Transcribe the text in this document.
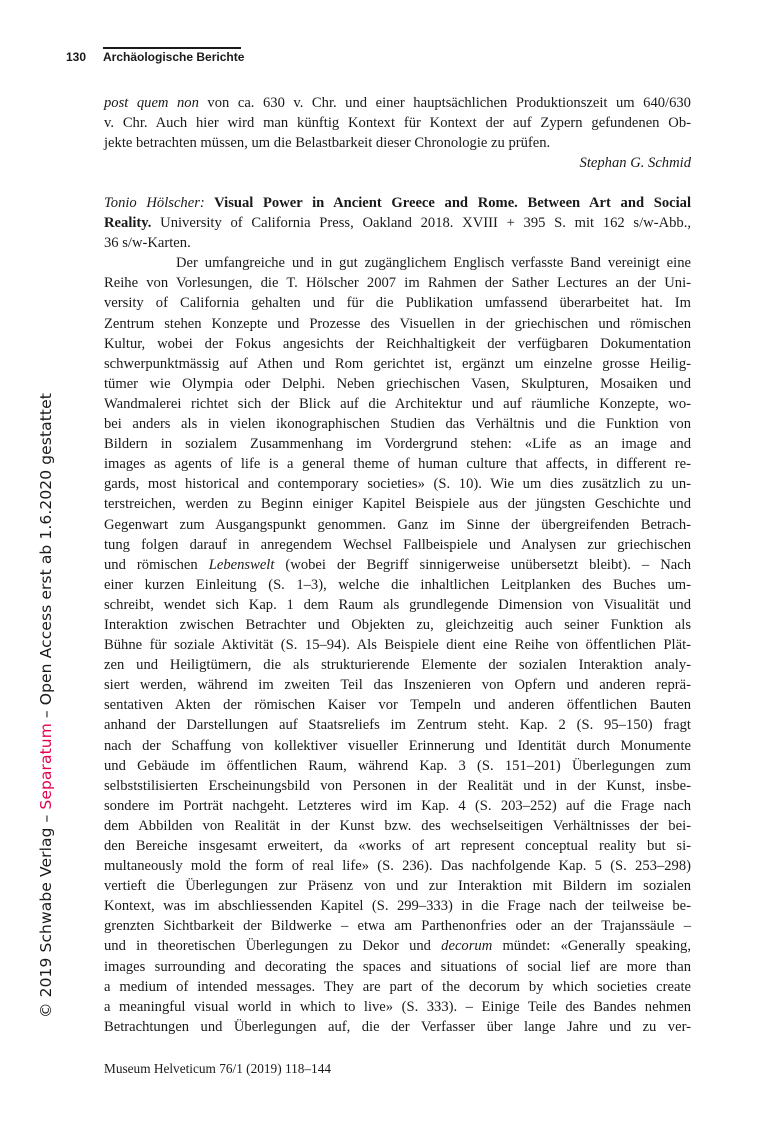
130 Archäologische Berichte
post quem non von ca. 630 v. Chr. und einer hauptsächlichen Produktionszeit um 640/630
v. Chr. Auch hier wird man künftig Kontext für Kontext der auf Zypern gefundenen Ob-
jekte betrachten müssen, um die Belastbarkeit dieser Chronologie zu prüfen.
Stephan G. Schmid
Tonio Hölscher: Visual Power in Ancient Greece and Rome. Between Art and Social
Reality. University of California Press, Oakland 2018. XVIII + 395 S. mit 162 s/w-Abb.,
36 s/w-Karten.
Der umfangreiche und in gut zugänglichem Englisch verfasste Band vereinigt eine
Reihe von Vorlesungen, die T. Hölscher 2007 im Rahmen der Sather Lectures an der Uni-
versity of California gehalten und für die Publikation umfassend überarbeitet hat. Im
Zentrum stehen Konzepte und Prozesse des Visuellen in der griechischen und römischen
Kultur, wobei der Fokus angesichts der Reichhaltigkeit der verfügbaren Dokumentation
schwerpunktmässig auf Athen und Rom gerichtet ist, ergänzt um einzelne grosse Heilig-
tümer wie Olympia oder Delphi. Neben griechischen Vasen, Skulpturen, Mosaiken und
Wandmalerei richtet sich der Blick auf die Architektur und auf räumliche Konzepte, wo-
bei anders als in vielen ikonographischen Studien das Verhältnis und die Funktion von
Bildern in sozialem Zusammenhang im Vordergrund stehen: «Life as an image and
images as agents of life is a general theme of human culture that affects, in different re-
gards, most historical and contemporary societies» (S. 10). Wie um dies zusätzlich zu un-
terstreichen, werden zu Beginn einiger Kapitel Beispiele aus der jüngsten Geschichte und
Gegenwart zum Ausgangspunkt genommen. Ganz im Sinne der übergreifenden Betrach-
tung folgen darauf in anregendem Wechsel Fallbeispiele und Analysen zur griechischen
und römischen Lebenswelt (wobei der Begriff sinnigerweise unübersetzt bleibt). – Nach
einer kurzen Einleitung (S. 1–3), welche die inhaltlichen Leitplanken des Buches um-
schreibt, wendet sich Kap. 1 dem Raum als grundlegende Dimension von Visualität und
Interaktion zwischen Betrachter und Objekten zu, gleichzeitig auch seiner Funktion als
Bühne für soziale Aktivität (S. 15–94). Als Beispiele dient eine Reihe von öffentlichen Plät-
zen und Heiligtümern, die als strukturierende Elemente der sozialen Interaktion analy-
siert werden, während im zweiten Teil das Inszenieren von Opfern und anderen reprä-
sentativen Akten der römischen Kaiser vor Tempeln und anderen öffentlichen Bauten
anhand der Darstellungen auf Staatsreliefs im Zentrum steht. Kap. 2 (S. 95–150) fragt
nach der Schaffung von kollektiver visueller Erinnerung und Identität durch Monumente
und Gebäude im öffentlichen Raum, während Kap. 3 (S. 151–201) Überlegungen zum
selbststilisierten Erscheinungsbild von Personen in der Realität und in der Kunst, insbe-
sondere im Porträt nachgeht. Letzteres wird im Kap. 4 (S. 203–252) auf die Frage nach
dem Abbilden von Realität in der Kunst bzw. des wechselseitigen Verhältnisses der bei-
den Bereiche insgesamt erweitert, da «works of art represent conceptual reality but si-
multaneously mold the form of real life» (S. 236). Das nachfolgende Kap. 5 (S. 253–298)
vertieft die Überlegungen zur Präsenz von und zur Interaktion mit Bildern im sozialen
Kontext, was im abschliessenden Kapitel (S. 299–333) in die Frage nach der teilweise be-
grenzten Sichtbarkeit der Bildwerke – etwa am Parthenonfries oder an der Trajanssäule –
und in theoretischen Überlegungen zu Dekor und decorum mündet: «Generally speaking,
images surrounding and decorating the spaces and situations of social lief are more than
a medium of intended messages. They are part of the decorum by which societies create
a meaningful visual world in which to live» (S. 333). – Einige Teile des Bandes nehmen
Betrachtungen und Überlegungen auf, die der Verfasser über lange Jahre und zu ver-
Museum Helveticum 76/1 (2019) 118–144
© 2019 Schwabe Verlag – Separatum – Open Access erst ab 1.6.2020 gestattet
